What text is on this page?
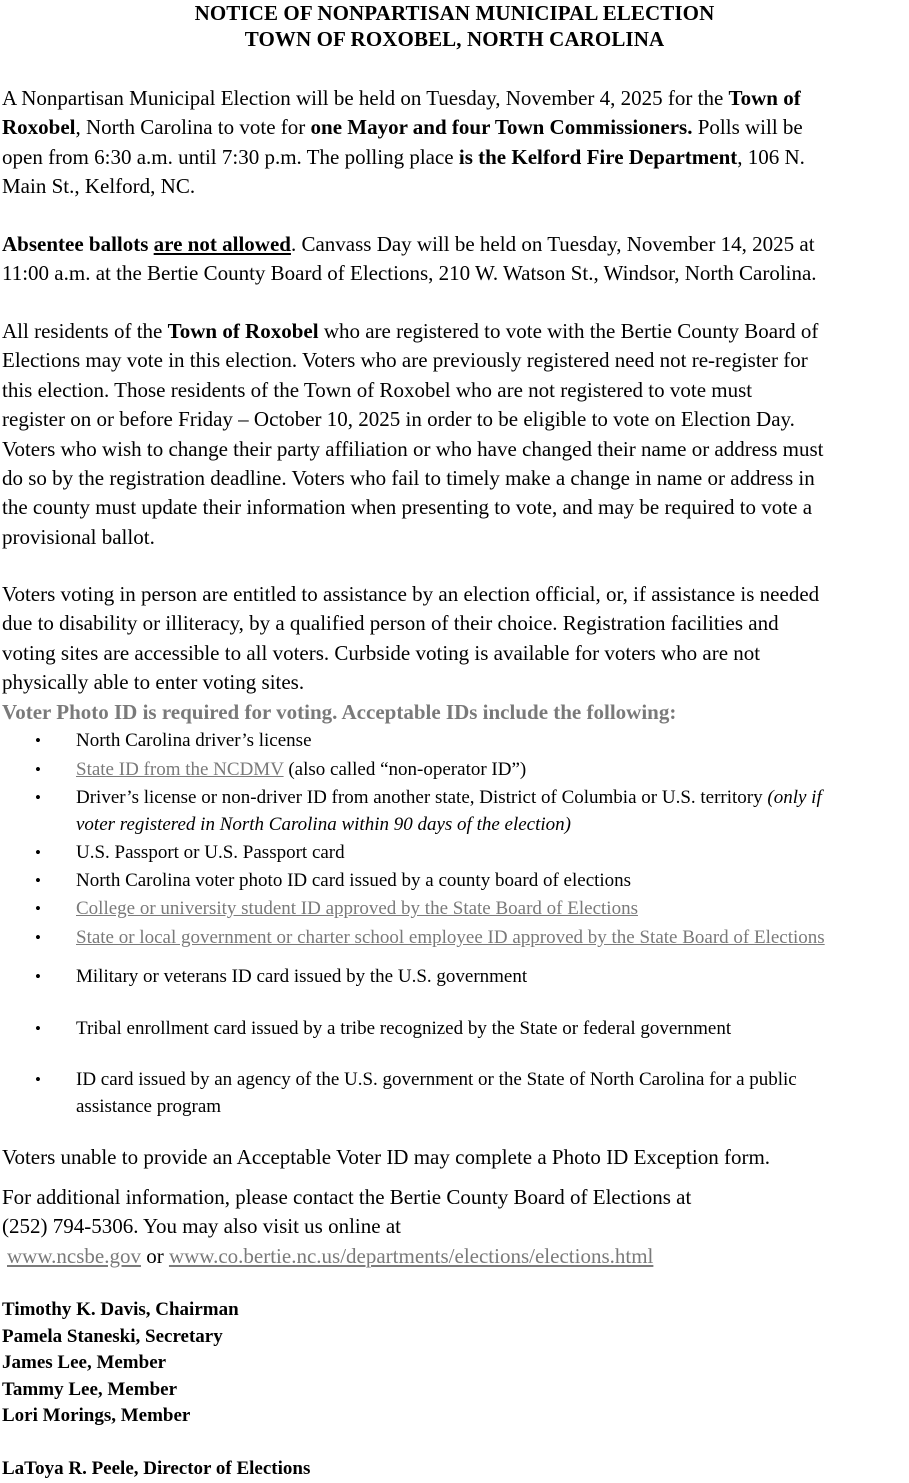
NOTICE OF NONPARTISAN MUNICIPAL ELECTION
TOWN OF ROXOBEL, NORTH CAROLINA
A Nonpartisan Municipal Election will be held on Tuesday, November 4, 2025 for the Town of
Roxobel, North Carolina to vote for one Mayor and four Town Commissioners. Polls will be
open from 6:30 a.m. until 7:30 p.m. The polling place is the Kelford Fire Department, 106 N.
Main St., Kelford, NC.
Absentee ballots are not allowed. Canvass Day will be held on Tuesday, November 14, 2025 at
11:00 a.m. at the Bertie County Board of Elections, 210 W. Watson St., Windsor, North Carolina.
All residents of the Town of Roxobel who are registered to vote with the Bertie County Board of
Elections may vote in this election. Voters who are previously registered need not re-register for
this election. Those residents of the Town of Roxobel who are not registered to vote must
register on or before Friday – October 10, 2025 in order to be eligible to vote on Election Day.
Voters who wish to change their party affiliation or who have changed their name or address must
do so by the registration deadline. Voters who fail to timely make a change in name or address in
the county must update their information when presenting to vote, and may be required to vote a
provisional ballot.
Voters voting in person are entitled to assistance by an election official, or, if assistance is needed
due to disability or illiteracy, by a qualified person of their choice. Registration facilities and
voting sites are accessible to all voters. Curbside voting is available for voters who are not
physically able to enter voting sites.
Voter Photo ID is required for voting. Acceptable IDs include the following:
• North Carolina driver’s license
• State ID from the NCDMV (also called “non-operator ID”)
• Driver’s license or non-driver ID from another state, District of Columbia or U.S. territory (only if
voter registered in North Carolina within 90 days of the election)
• U.S. Passport or U.S. Passport card
• North Carolina voter photo ID card issued by a county board of elections
• College or university student ID approved by the State Board of Elections
• State or local government or charter school employee ID approved by the State Board of Elections
• Military or veterans ID card issued by the U.S. government
• Tribal enrollment card issued by a tribe recognized by the State or federal government
• ID card issued by an agency of the U.S. government or the State of North Carolina for a public
assistance program
Voters unable to provide an Acceptable Voter ID may complete a Photo ID Exception form.
For additional information, please contact the Bertie County Board of Elections at
(252) 794-5306. You may also visit us online at
www.ncsbe.gov or www.co.bertie.nc.us/departments/elections/elections.html
Timothy K. Davis, Chairman
Pamela Staneski, Secretary
James Lee, Member
Tammy Lee, Member
Lori Morings, Member
LaToya R. Peele, Director of Elections
